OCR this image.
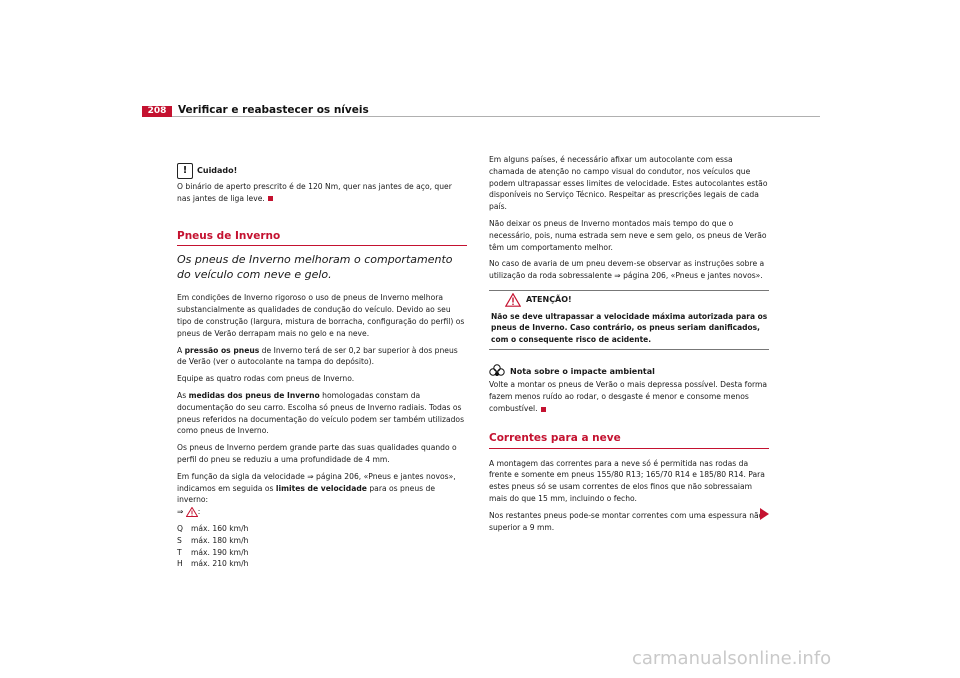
208	Verificar e reabastecer os níveis
!	Cuidado!

O binário de aperto prescrito é de 120 Nm, quer nas jantes de aço, quer nas jantes de liga leve.

Pneus de Inverno
Os pneus de Inverno melhoram o comportamento do veículo com neve e gelo.

Em condições de Inverno rigoroso o uso de pneus de Inverno melhora substancialmente as qualidades de condução do veículo. Devido ao seu tipo de construção (largura, mistura de borracha, configuração do perfil) os pneus de Verão derrapam mais no gelo e na neve.

A pressão os pneus de Inverno terá de ser 0,2 bar superior à dos pneus de Verão (ver o autocolante na tampa do depósito).

Equipe as quatro rodas com pneus de Inverno.

As medidas dos pneus de Inverno homologadas constam da documentação do seu carro. Escolha só pneus de Inverno radiais. Todas os pneus referidos na documentação do veículo podem ser também utilizados como pneus de Inverno.

Os pneus de Inverno perdem grande parte das suas qualidades quando o perfil do pneu se reduziu a uma profundidade de 4 mm.

Em função da sigla da velocidade ⇒ página 206, «Pneus e jantes novos», indicamos em seguida os limites de velocidade para os pneus de inverno:
⇒ :

Q	máx. 160 km/h
S	máx. 180 km/h
T	máx. 190 km/h
H	máx. 210 km/h

Em alguns países, é necessário afixar um autocolante com essa chamada de atenção no campo visual do condutor, nos veículos que podem ultrapassar esses limites de velocidade. Estes autocolantes estão disponíveis no Serviço Técnico. Respeitar as prescrições legais de cada país.

Não deixar os pneus de Inverno montados mais tempo do que o necessário, pois, numa estrada sem neve e sem gelo, os pneus de Verão têm um comportamento melhor.

No caso de avaria de um pneu devem-se observar as instruções sobre a utilização da roda sobressalente ⇒ página 206, «Pneus e jantes novos».

ATENÇÃO!
Não se deve ultrapassar a velocidade máxima autorizada para os pneus de Inverno. Caso contrário, os pneus seriam danificados, com o consequente risco de acidente.
Nota sobre o impacte ambiental

Volte a montar os pneus de Verão o mais depressa possível. Desta forma fazem menos ruído ao rodar, o desgaste é menor e consome menos combustível.

Correntes para a neve

A montagem das correntes para a neve só é permitida nas rodas da frente e somente em pneus 155/80 R13; 165/70 R14 e 185/80 R14. Para estes pneus só se usam correntes de elos finos que não sobressaiam mais do que 15 mm, incluindo o fecho.

Nos restantes pneus pode-se montar correntes com uma espessura não superior a 9 mm.

carmanualsonline.info
